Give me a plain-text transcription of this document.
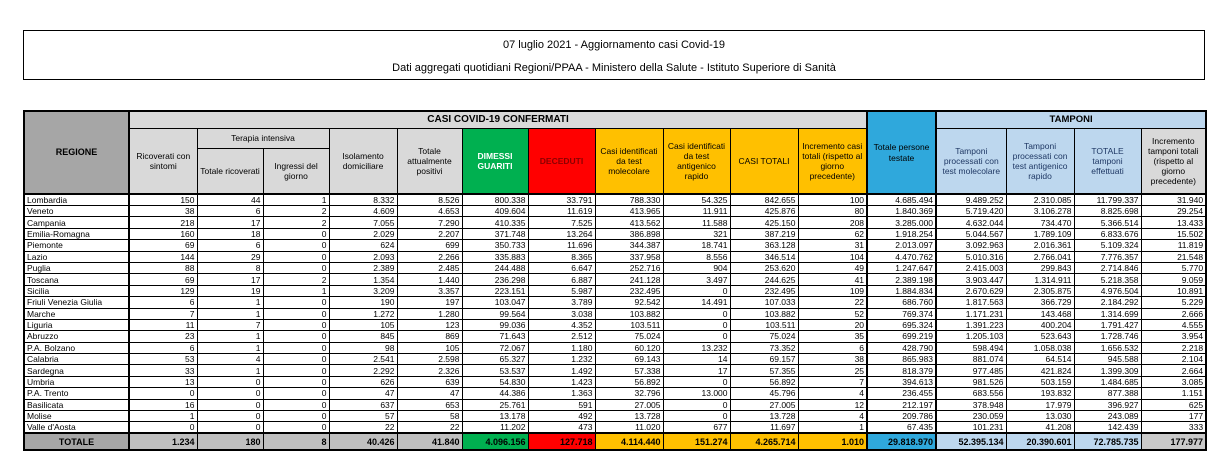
07 luglio 2021 - Aggiornamento casi Covid-19
Dati aggregati quotidiani Regioni/PPAA - Ministero della Salute - Istituto Superiore di Sanità
REGIONE	CASI COVID-19 CONFERMATI											Totale persone testate	TAMPONI			
	Ricoverati con sintomi	Terapia intensiva		Isolamento domiciliare	Totale attualmente positivi	DIMESSI GUARITI	DECEDUTI	Casi identificati da test molecolare	Casi identificati da test antigenico rapido	CASI TOTALI	Incremento casi totali (rispetto al giorno precedente)		Tamponi processati con test molecolare	Tamponi processati con test antigenico rapido	TOTALE tamponi effettuati	Incremento tamponi totali (rispetto al giorno precedente)
		Totale ricoverati	Ingressi del giorno													
Lombardia	150	44	1	8.332	8.526	800.338	33.791	788.330	54.325	842.655	100	4.685.494	9.489.252	2.310.085	11.799.337	31.940
Veneto	38	6	2	4.609	4.653	409.604	11.619	413.965	11.911	425.876	80	1.840.369	5.719.420	3.106.278	8.825.698	29.254
Campania	218	17	2	7.055	7.290	410.335	7.525	413.562	11.588	425.150	208	3.285.000	4.632.044	734.470	5.366.514	13.433
Emilia-Romagna	160	18	0	2.029	2.207	371.748	13.264	386.898	321	387.219	62	1.918.254	5.044.567	1.789.109	6.833.676	15.502
Piemonte	69	6	0	624	699	350.733	11.696	344.387	18.741	363.128	31	2.013.097	3.092.963	2.016.361	5.109.324	11.819
Lazio	144	29	0	2.093	2.266	335.883	8.365	337.958	8.556	346.514	104	4.470.762	5.010.316	2.766.041	7.776.357	21.548
Puglia	88	8	0	2.389	2.485	244.488	6.647	252.716	904	253.620	49	1.247.647	2.415.003	299.843	2.714.846	5.770
Toscana	69	17	2	1.354	1.440	236.298	6.887	241.128	3.497	244.625	41	2.389.198	3.903.447	1.314.911	5.218.358	9.059
Sicilia	129	19	1	3.209	3.357	223.151	5.987	232.495	0	232.495	109	1.884.834	2.670.629	2.305.875	4.976.504	10.891
Friuli Venezia Giulia	6	1	0	190	197	103.047	3.789	92.542	14.491	107.033	22	686.760	1.817.563	366.729	2.184.292	5.229
Marche	7	1	0	1.272	1.280	99.564	3.038	103.882	0	103.882	52	769.374	1.171.231	143.468	1.314.699	2.666
Liguria	11	7	0	105	123	99.036	4.352	103.511	0	103.511	20	695.324	1.391.223	400.204	1.791.427	4.555
Abruzzo	23	1	0	845	869	71.643	2.512	75.024	0	75.024	35	699.219	1.205.103	523.643	1.728.746	3.954
P.A. Bolzano	6	1	0	98	105	72.067	1.180	60.120	13.232	73.352	6	428.790	598.494	1.058.038	1.656.532	2.218
Calabria	53	4	0	2.541	2.598	65.327	1.232	69.143	14	69.157	38	865.983	881.074	64.514	945.588	2.104
Sardegna	33	1	0	2.292	2.326	53.537	1.492	57.338	17	57.355	25	818.379	977.485	421.824	1.399.309	2.664
Umbria	13	0	0	626	639	54.830	1.423	56.892	0	56.892	7	394.613	981.526	503.159	1.484.685	3.085
P.A. Trento	0	0	0	47	47	44.386	1.363	32.796	13.000	45.796	4	236.455	683.556	193.832	877.388	1.151
Basilicata	16	0	0	637	653	25.761	591	27.005	0	27.005	12	212.197	378.948	17.979	396.927	625
Molise	1	0	0	57	58	13.178	492	13.728	0	13.728	4	209.786	230.059	13.030	243.089	177
Valle d'Aosta	0	0	0	22	22	11.202	473	11.020	677	11.697	1	67.435	101.231	41.208	142.439	333
TOTALE	1.234	180	8	40.426	41.840	4.096.156	127.718	4.114.440	151.274	4.265.714	1.010	29.818.970	52.395.134	20.390.601	72.785.735	177.977
